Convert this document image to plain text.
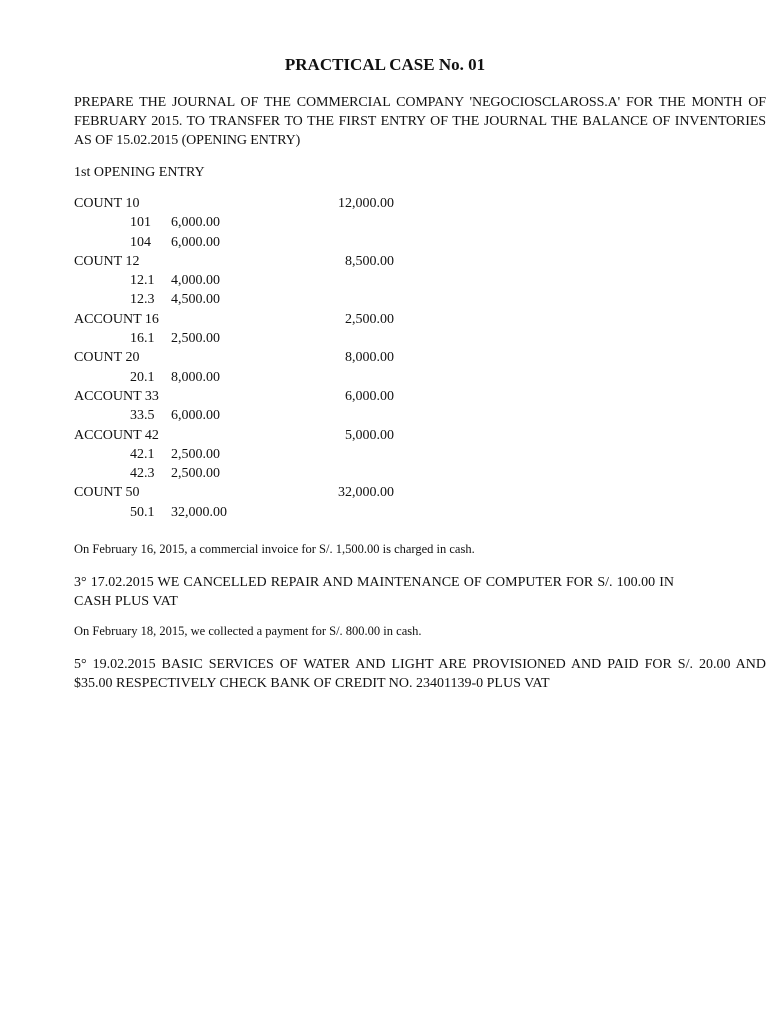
PRACTICAL CASE No. 01
PREPARE THE JOURNAL OF THE COMMERCIAL COMPANY 'NEGOCIOSCLAROSS.A' FOR THE MONTH OF FEBRUARY 2015. TO TRANSFER TO THE FIRST ENTRY OF THE JOURNAL THE BALANCE OF INVENTORIES AS OF 15.02.2015 (OPENING ENTRY)
1st OPENING ENTRY
COUNT 10	12,000.00
101 6,000.00
104 6,000.00
COUNT 12	8,500.00
12.1 4,000.00
12.3 4,500.00
ACCOUNT 16	2,500.00
16.1 2,500.00
COUNT 20	8,000.00
20.1 8,000.00
ACCOUNT 33	6,000.00
33.5 6,000.00
ACCOUNT 42	5,000.00
42.1 2,500.00
42.3 2,500.00
COUNT 50	32,000.00
50.1 32,000.00
On February 16, 2015, a commercial invoice for S/. 1,500.00 is charged in cash.
3° 17.02.2015 WE CANCELLED REPAIR AND MAINTENANCE OF COMPUTER FOR S/. 100.00 IN CASH PLUS VAT
On February 18, 2015, we collected a payment for S/. 800.00 in cash.
5° 19.02.2015 BASIC SERVICES OF WATER AND LIGHT ARE PROVISIONED AND PAID FOR S/. 20.00 AND $35.00 RESPECTIVELY CHECK BANK OF CREDIT NO. 23401139-0 PLUS VAT
